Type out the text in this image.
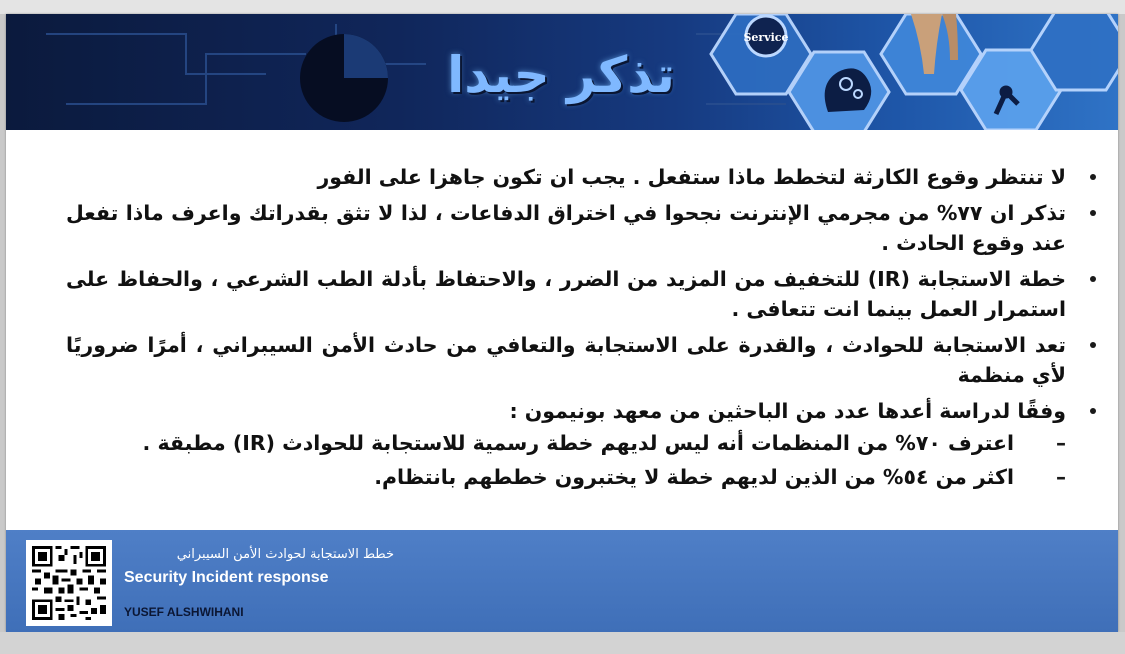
Service
تذكر جيدا
لا تنتظر وقوع الكارثة لتخطط ماذا ستفعل . يجب ان تكون جاهزا على الفور
تذكر ان ٧٧% من مجرمي الإنترنت نجحوا في اختراق الدفاعات ، لذا لا تثق بقدراتك واعرف ماذا تفعل عند وقوع الحادث .
خطة الاستجابة (IR) للتخفيف من المزيد من الضرر ، والاحتفاظ بأدلة الطب الشرعي ، والحفاظ على استمرار العمل بينما انت تتعافى .
تعد الاستجابة للحوادث ، والقدرة على الاستجابة والتعافي من حادث الأمن السيبراني ، أمرًا ضروريًا لأي منظمة
وفقًا لدراسة أعدها عدد من الباحثين من معهد بونيمون :
–
اعترف ٧٠% من المنظمات أنه ليس لديهم خطة رسمية للاستجابة للحوادث (IR) مطبقة .
–
اكثر من ٥٤% من الذين لديهم خطة لا يختبرون خططهم بانتظام.
خطط الاستجابة لحوادث الأمن السيبراني
Security Incident response
YUSEF ALSHWIHANI
